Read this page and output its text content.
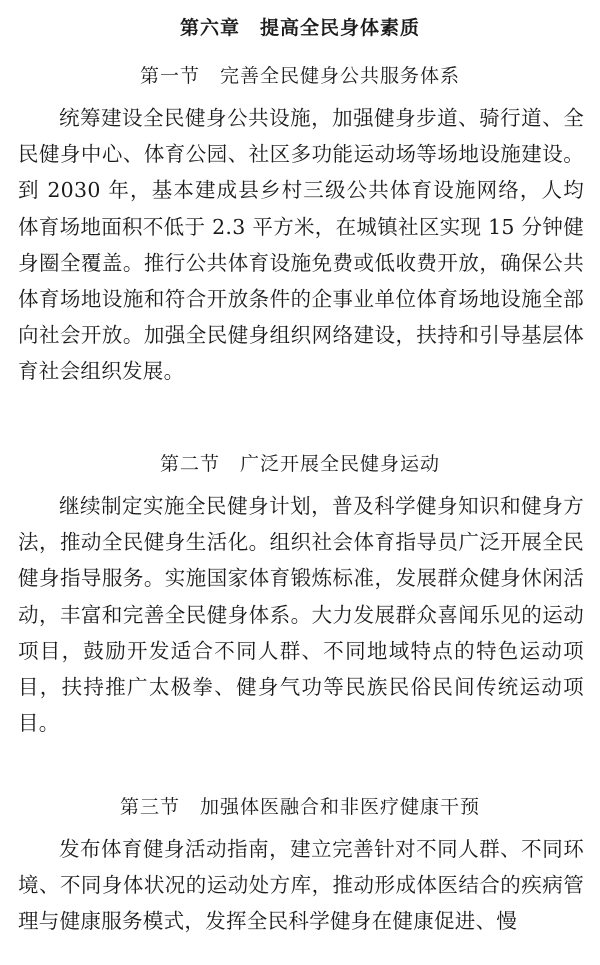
第六章　提高全民身体素质
第一节　完善全民健身公共服务体系
统筹建设全民健身公共设施，加强健身步道、骑行道、全民健身中心、体育公园、社区多功能运动场等场地设施建设。到 2030 年，基本建成县乡村三级公共体育设施网络，人均体育场地面积不低于 2.3 平方米，在城镇社区实现 15 分钟健身圈全覆盖。推行公共体育设施免费或低收费开放，确保公共体育场地设施和符合开放条件的企事业单位体育场地设施全部向社会开放。加强全民健身组织网络建设，扶持和引导基层体育社会组织发展。
第二节　广泛开展全民健身运动
继续制定实施全民健身计划，普及科学健身知识和健身方法，推动全民健身生活化。组织社会体育指导员广泛开展全民健身指导服务。实施国家体育锻炼标准，发展群众健身休闲活动，丰富和完善全民健身体系。大力发展群众喜闻乐见的运动项目，鼓励开发适合不同人群、不同地域特点的特色运动项目，扶持推广太极拳、健身气功等民族民俗民间传统运动项目。
第三节　加强体医融合和非医疗健康干预
发布体育健身活动指南，建立完善针对不同人群、不同环境、不同身体状况的运动处方库，推动形成体医结合的疾病管理与健康服务模式，发挥全民科学健身在健康促进、慢
